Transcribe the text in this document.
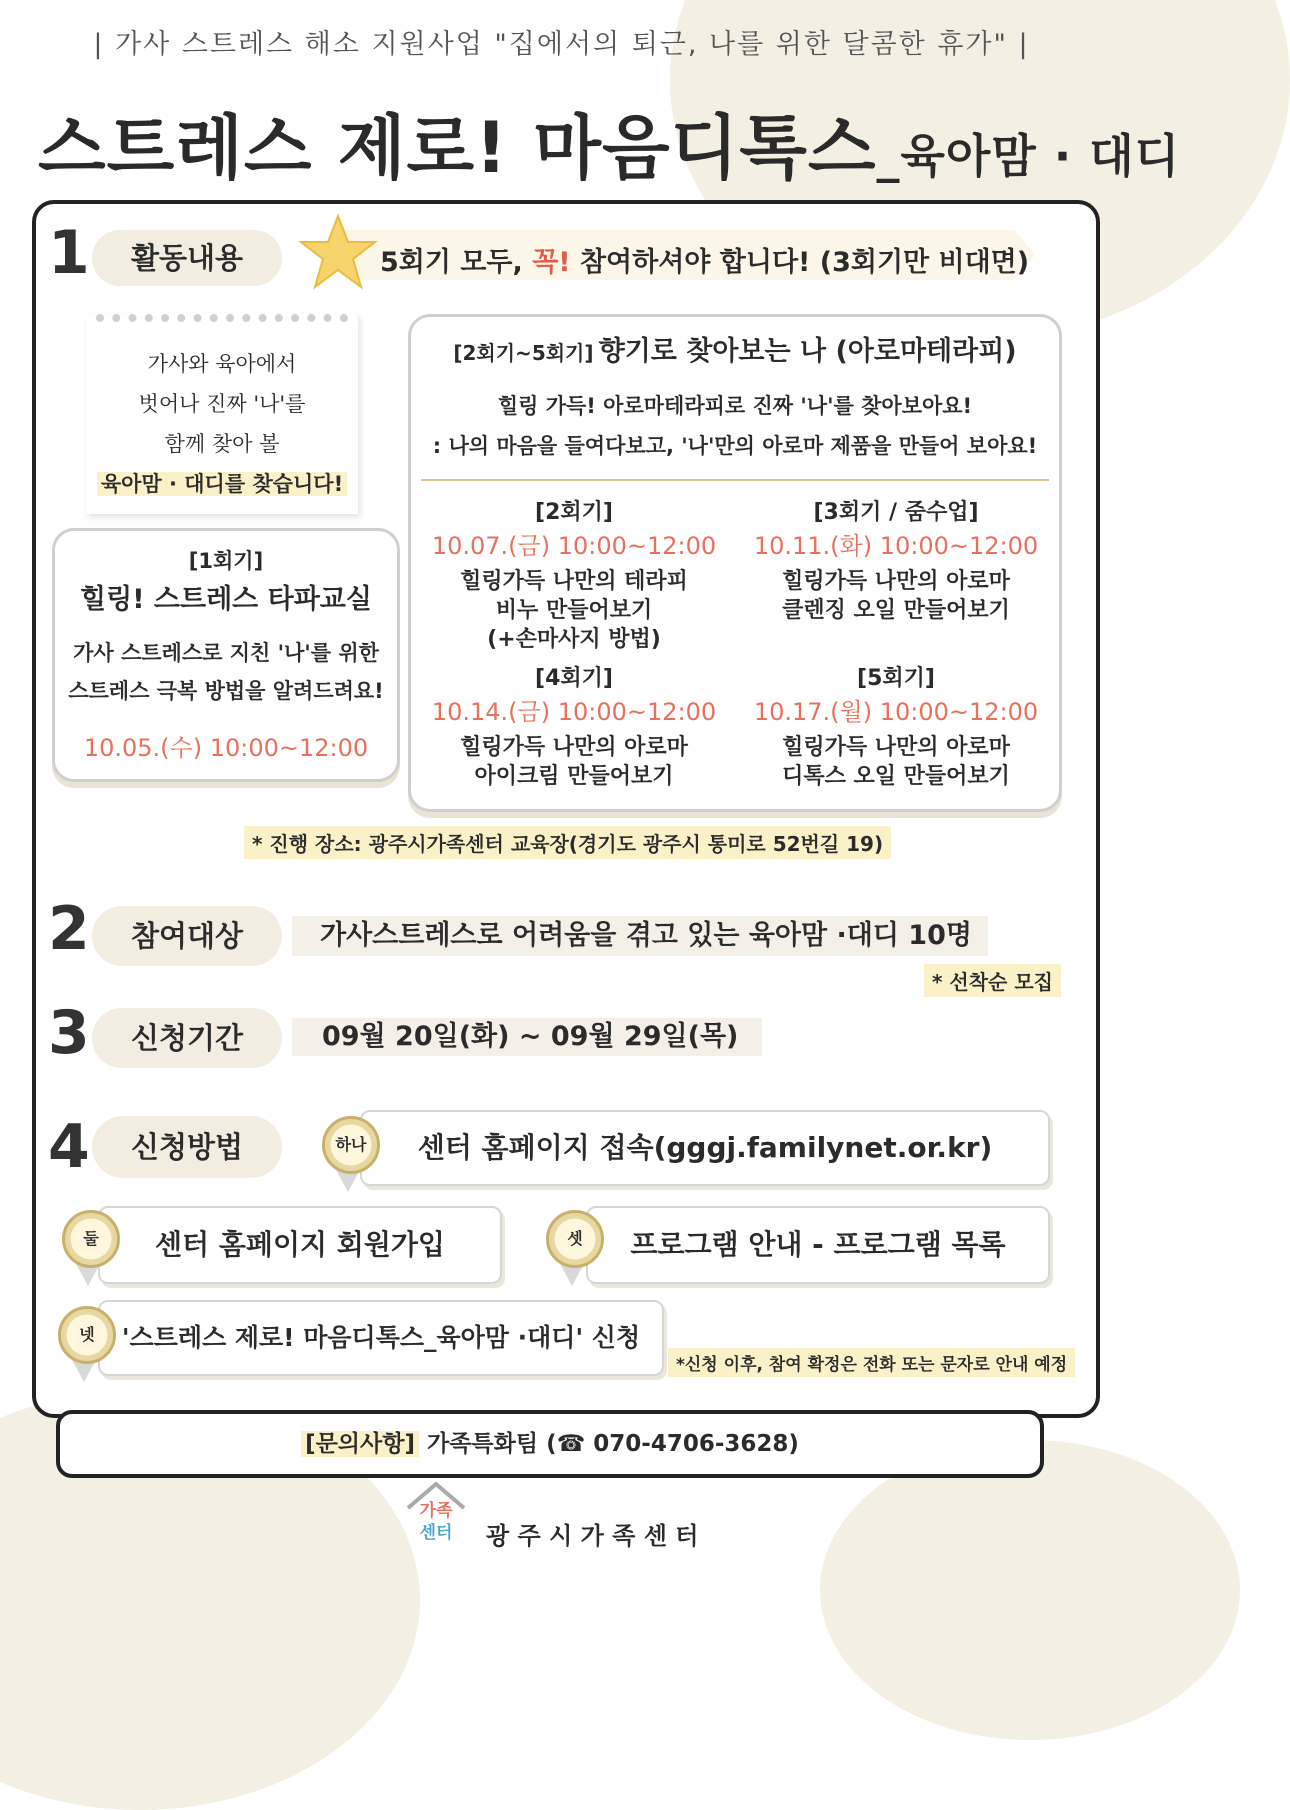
| 가사 스트레스 해소 지원사업 "집에서의 퇴근, 나를 위한 달콤한 휴가" |
스트레스 제로! 마음디톡스_육아맘 · 대디
1	활동내용	5회기 모두, 꼭! 참여하셔야 합니다! (3회기만 비대면)
가사와 육아에서
벗어나 진짜 '나'를
함께 찾아 볼
육아맘 · 대디를 찾습니다!
[1회기]
힐링! 스트레스 타파교실
가사 스트레스로 지친 '나'를 위한
스트레스 극복 방법을 알려드려요!
10.05.(수) 10:00~12:00
[2회기~5회기] 향기로 찾아보는 나 (아로마테라피)
힐링 가득! 아로마테라피로 진짜 '나'를 찾아보아요!
: 나의 마음을 들여다보고, '나'만의 아로마 제품을 만들어 보아요!
[2회기]
10.07.(금) 10:00~12:00
힐링가득 나만의 테라피
비누 만들어보기
(+손마사지 방법)
[3회기 / 줌수업]
10.11.(화) 10:00~12:00
힐링가득 나만의 아로마
클렌징 오일 만들어보기
[4회기]
10.14.(금) 10:00~12:00
힐링가득 나만의 아로마
아이크림 만들어보기
[5회기]
10.17.(월) 10:00~12:00
힐링가득 나만의 아로마
디톡스 오일 만들어보기
* 진행 장소: 광주시가족센터 교육장(경기도 광주시 통미로 52번길 19)
2	참여대상	가사스트레스로 어려움을 겪고 있는 육아맘 ·대디 10명
* 선착순 모집
3	신청기간	09월 20일(화) ~ 09월 29일(목)
4	신청방법	하나	센터 홈페이지 접속(gggj.familynet.or.kr)
둘	센터 홈페이지 회원가입	셋	프로그램 안내 - 프로그램 목록
넷	'스트레스 제로! 마음디톡스_육아맘 ·대디' 신청
*신청 이후, 참여 확정은 전화 또는 문자로 안내 예정
[문의사항] 가족특화팀 (☎ 070-4706-3628)
가족
센터	광 주 시 가 족 센 터
